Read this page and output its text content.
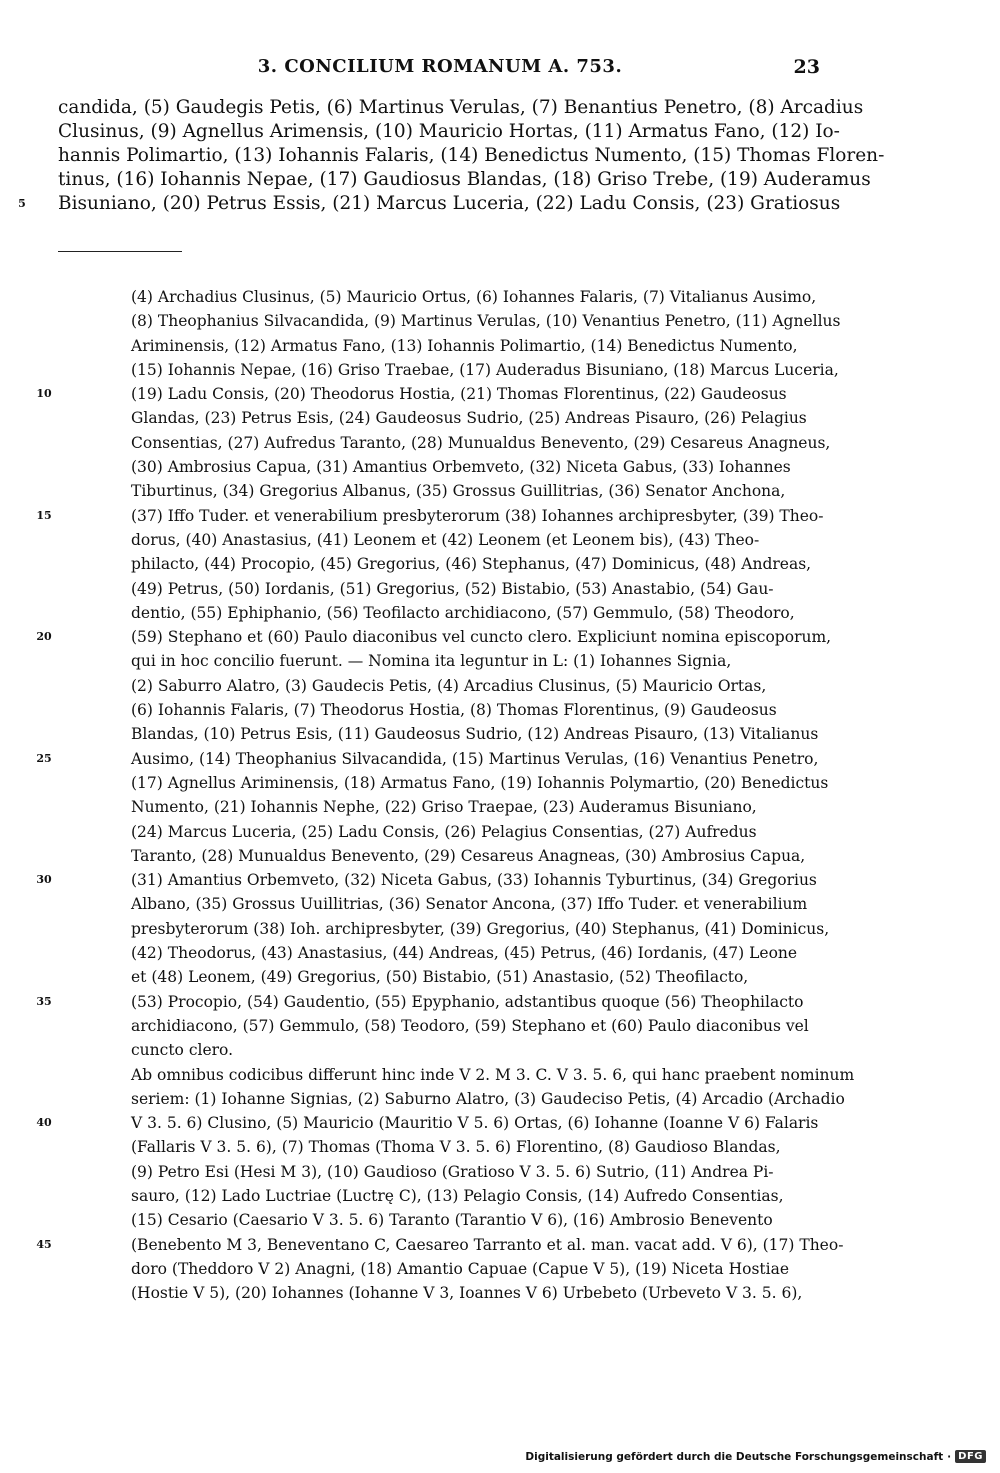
3. CONCILIUM ROMANUM A. 753.	23
candida, (5) Gaudegis Petis, (6) Martinus Verulas, (7) Benantius Penetro, (8) Arcadius
Clusinus, (9) Agnellus Arimensis, (10) Mauricio Hortas, (11) Armatus Fano, (12) Io-
hannis Polimartio, (13) Iohannis Falaris, (14) Benedictus Numento, (15) Thomas Floren-
tinus, (16) Iohannis Nepae, (17) Gaudiosus Blandas, (18) Griso Trebe, (19) Auderamus
5	Bisuniano, (20) Petrus Essis, (21) Marcus Luceria, (22) Ladu Consis, (23) Gratiosus
(4) Archadius Clusinus, (5) Mauricio Ortus, (6) Iohannes Falaris, (7) Vitalianus Ausimo,
(8) Theophanius Silvacandida, (9) Martinus Verulas, (10) Venantius Penetro, (11) Agnellus
Ariminensis, (12) Armatus Fano, (13) Iohannis Polimartio, (14) Benedictus Numento,
(15) Iohannis Nepae, (16) Griso Traebae, (17) Auderadus Bisuniano, (18) Marcus Luceria,
10	(19) Ladu Consis, (20) Theodorus Hostia, (21) Thomas Florentinus, (22) Gaudeosus
Glandas, (23) Petrus Esis, (24) Gaudeosus Sudrio, (25) Andreas Pisauro, (26) Pelagius
Consentias, (27) Aufredus Taranto, (28) Munualdus Benevento, (29) Cesareus Anagneus,
(30) Ambrosius Capua, (31) Amantius Orbemveto, (32) Niceta Gabus, (33) Iohannes
Tiburtinus, (34) Gregorius Albanus, (35) Grossus Guillitrias, (36) Senator Anchona,
15	(37) Iffo Tuder. et venerabilium presbyterorum (38) Iohannes archipresbyter, (39) Theo-
dorus, (40) Anastasius, (41) Leonem et (42) Leonem (et Leonem bis), (43) Theo-
philacto, (44) Procopio, (45) Gregorius, (46) Stephanus, (47) Dominicus, (48) Andreas,
(49) Petrus, (50) Iordanis, (51) Gregorius, (52) Bistabio, (53) Anastabio, (54) Gau-
dentio, (55) Ephiphanio, (56) Teofilacto archidiacono, (57) Gemmulo, (58) Theodoro,
20	(59) Stephano et (60) Paulo diaconibus vel cuncto clero. Expliciunt nomina episcoporum,
qui in hoc concilio fuerunt. — Nomina ita leguntur in L: (1) Iohannes Signia,
(2) Saburro Alatro, (3) Gaudecis Petis, (4) Arcadius Clusinus, (5) Mauricio Ortas,
(6) Iohannis Falaris, (7) Theodorus Hostia, (8) Thomas Florentinus, (9) Gaudeosus
Blandas, (10) Petrus Esis, (11) Gaudeosus Sudrio, (12) Andreas Pisauro, (13) Vitalianus
25	Ausimo, (14) Theophanius Silvacandida, (15) Martinus Verulas, (16) Venantius Penetro,
(17) Agnellus Ariminensis, (18) Armatus Fano, (19) Iohannis Polymartio, (20) Benedictus
Numento, (21) Iohannis Nephe, (22) Griso Traepae, (23) Auderamus Bisuniano,
(24) Marcus Luceria, (25) Ladu Consis, (26) Pelagius Consentias, (27) Aufredus
Taranto, (28) Munualdus Benevento, (29) Cesareus Anagneas, (30) Ambrosius Capua,
30	(31) Amantius Orbemveto, (32) Niceta Gabus, (33) Iohannis Tyburtinus, (34) Gregorius
Albano, (35) Grossus Uuillitrias, (36) Senator Ancona, (37) Iffo Tuder. et venerabilium
presbyterorum (38) Ioh. archipresbyter, (39) Gregorius, (40) Stephanus, (41) Dominicus,
(42) Theodorus, (43) Anastasius, (44) Andreas, (45) Petrus, (46) Iordanis, (47) Leone
et (48) Leonem, (49) Gregorius, (50) Bistabio, (51) Anastasio, (52) Theofilacto,
35	(53) Procopio, (54) Gaudentio, (55) Epyphanio, adstantibus quoque (56) Theophilacto
archidiacono, (57) Gemmulo, (58) Teodoro, (59) Stephano et (60) Paulo diaconibus vel
cuncto clero.
Ab omnibus codicibus differunt hinc inde V 2. M 3. C. V 3. 5. 6, qui hanc praebent nominum
seriem: (1) Iohanne Signias, (2) Saburno Alatro, (3) Gaudeciso Petis, (4) Arcadio (Archadio
40	V 3. 5. 6) Clusino, (5) Mauricio (Mauritio V 5. 6) Ortas, (6) Iohanne (Ioanne V 6) Falaris
(Fallaris V 3. 5. 6), (7) Thomas (Thoma V 3. 5. 6) Florentino, (8) Gaudioso Blandas,
(9) Petro Esi (Hesi M 3), (10) Gaudioso (Gratioso V 3. 5. 6) Sutrio, (11) Andrea Pi-
sauro, (12) Lado Luctriae (Luctrę C), (13) Pelagio Consis, (14) Aufredo Consentias,
(15) Cesario (Caesario V 3. 5. 6) Taranto (Tarantio V 6), (16) Ambrosio Benevento
45	(Benebento M 3, Beneventano C, Caesareo Tarranto et al. man. vacat add. V 6), (17) Theo-
doro (Theddoro V 2) Anagni, (18) Amantio Capuae (Capue V 5), (19) Niceta Hostiae
(Hostie V 5), (20) Iohannes (Iohanne V 3, Ioannes V 6) Urbebeto (Urbeveto V 3. 5. 6),
Digitalisierung gefördert durch die Deutsche Forschungsgemeinschaft · DFG
